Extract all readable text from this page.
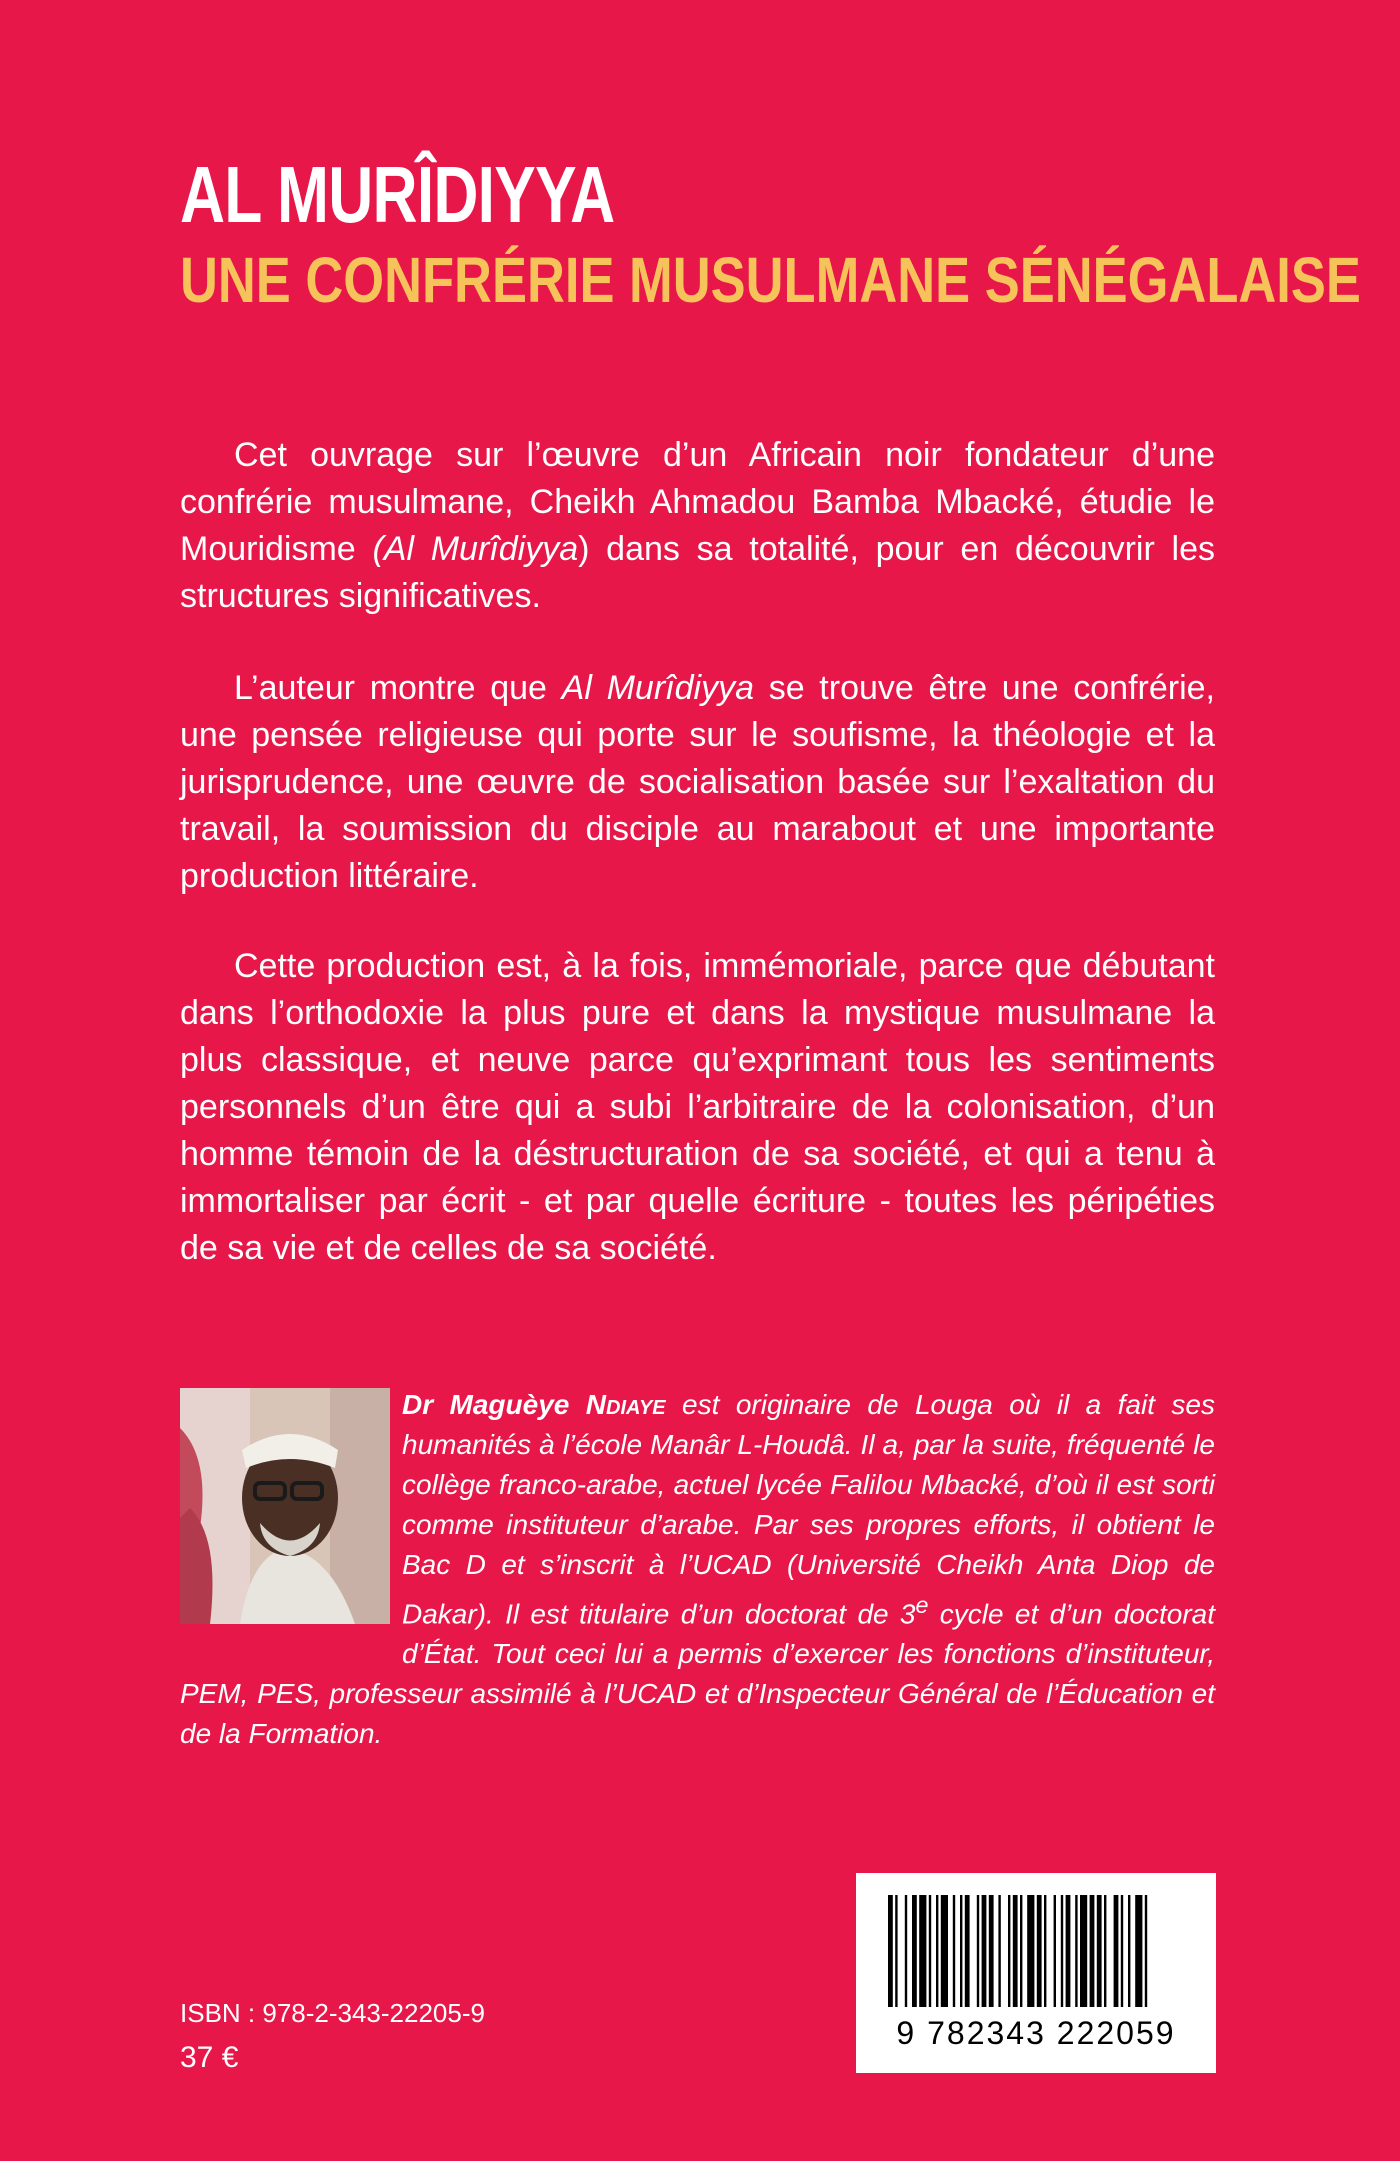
AL MURÎDIYYA
UNE CONFRÉRIE MUSULMANE SÉNÉGALAISE

Cet ouvrage sur l’œuvre d’un Africain noir fondateur d’une confrérie musulmane, Cheikh Ahmadou Bamba Mbacké, étudie le Mouridisme (Al Murîdiyya) dans sa totalité, pour en découvrir les structures significatives.

L’auteur montre que Al Murîdiyya se trouve être une confrérie, une pensée religieuse qui porte sur le soufisme, la théologie et la jurisprudence, une œuvre de socialisation basée sur l’exaltation du travail, la soumission du disciple au marabout et une importante production littéraire.

Cette production est, à la fois, immémoriale, parce que débutant dans l’orthodoxie la plus pure et dans la mystique musulmane la plus classique, et neuve parce qu’exprimant tous les sentiments personnels d’un être qui a subi l’arbitraire de la colonisation, d’un homme témoin de la déstructuration de sa société, et qui a tenu à immortaliser par écrit - et par quelle écriture - toutes les péripéties de sa vie et de celles de sa société.

Dr Maguèye Ndiaye est originaire de Louga où il a fait ses humanités à l’école Manâr L-Houdâ. Il a, par la suite, fréquenté le collège franco-arabe, actuel lycée Falilou Mbacké, d’où il est sorti comme instituteur d’arabe. Par ses propres efforts, il obtient le Bac D et s’inscrit à l’UCAD (Université Cheikh Anta Diop de Dakar). Il est titulaire d’un doctorat de 3e cycle et d’un doctorat d’État. Tout ceci lui a permis d’exercer les fonctions d’instituteur, PEM, PES, professeur assimilé à l’UCAD et d’Inspecteur Général de l’Éducation et de la Formation.

9 782343 222059
ISBN : 978-2-343-22205-9
37 €
